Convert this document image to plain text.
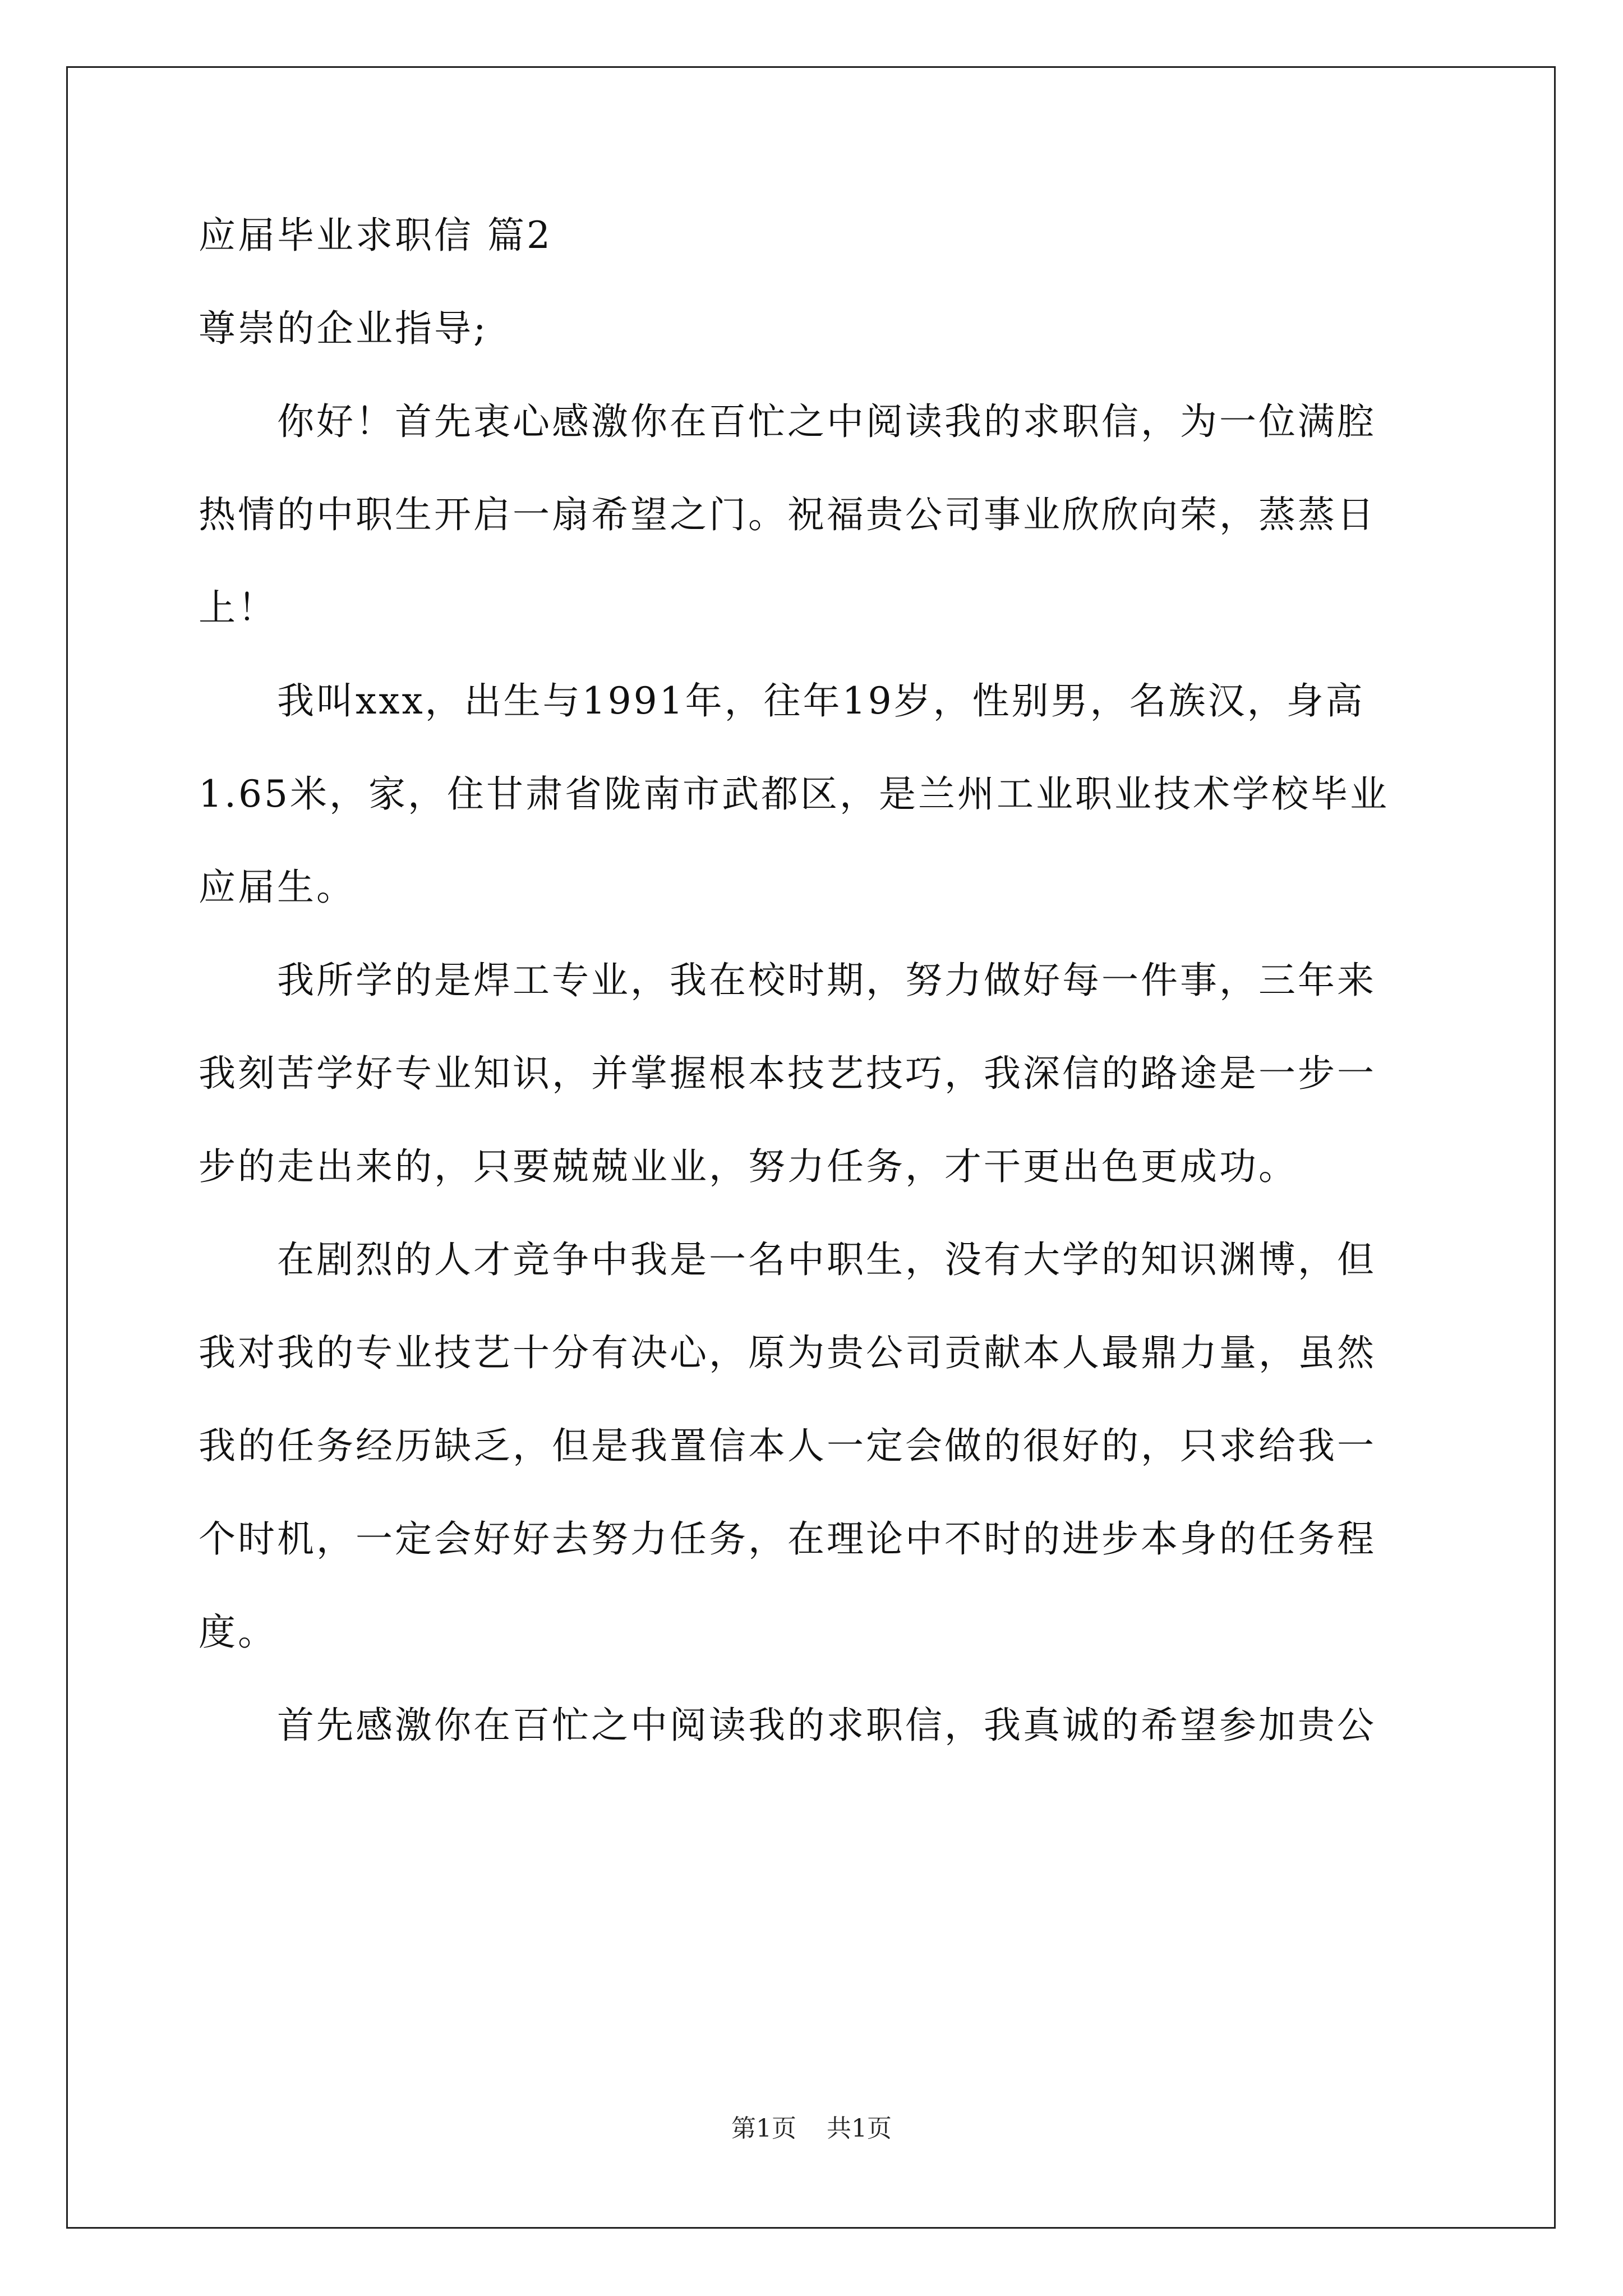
应届毕业求职信 篇2
尊崇的企业指导;
　　你好！首先衷心感激你在百忙之中阅读我的求职信，为一位满腔
热情的中职生开启一扇希望之门。祝福贵公司事业欣欣向荣，蒸蒸日
上！
　　我叫xxx，出生与1991年，往年19岁，性别男，名族汉，身高
1.65米，家，住甘肃省陇南市武都区，是兰州工业职业技术学校毕业
应届生。
　　我所学的是焊工专业，我在校时期，努力做好每一件事，三年来
我刻苦学好专业知识，并掌握根本技艺技巧，我深信的路途是一步一
步的走出来的，只要兢兢业业，努力任务，才干更出色更成功。
　　在剧烈的人才竞争中我是一名中职生，没有大学的知识渊博，但
我对我的专业技艺十分有决心，原为贵公司贡献本人最鼎力量，虽然
我的任务经历缺乏，但是我置信本人一定会做的很好的，只求给我一
个时机，一定会好好去努力任务，在理论中不时的进步本身的任务程
度。
　　首先感激你在百忙之中阅读我的求职信，我真诚的希望参加贵公
第1页 共1页
